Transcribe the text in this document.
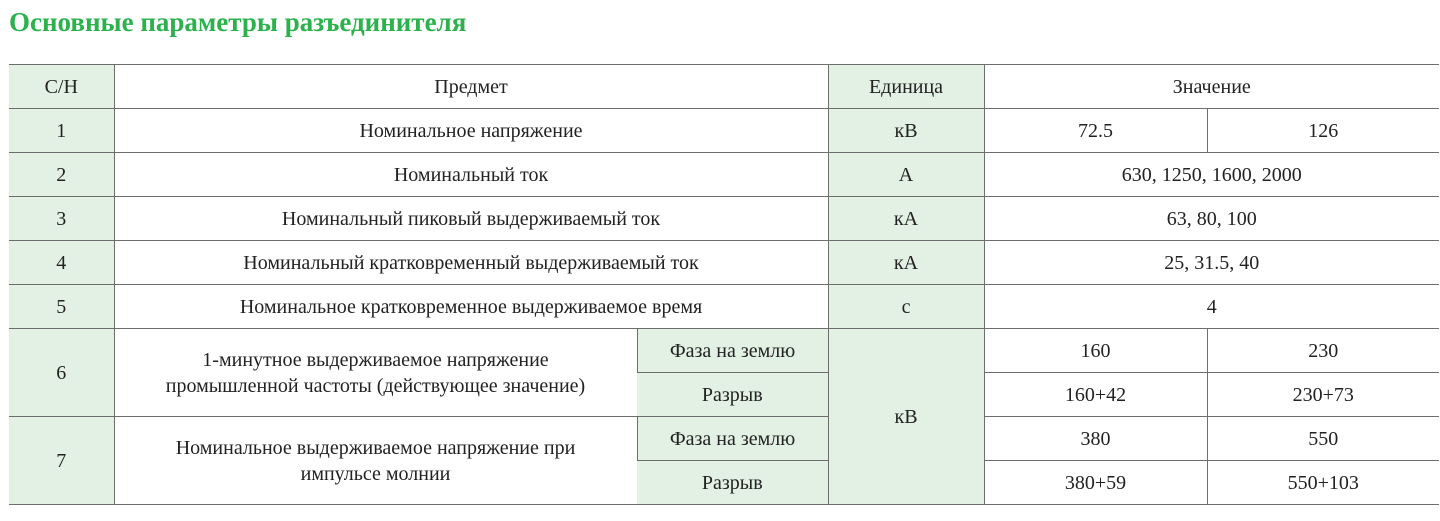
Основные параметры разъединителя
С/Н	Предмет		Единица	Значение	
1	Номинальное напряжение		кВ	72.5	126
2	Номинальный ток		A	630, 1250, 1600, 2000	
3	Номинальный пиковый выдерживаемый ток		кА	63, 80, 100	
4	Номинальный кратковременный выдерживаемый ток		кА	25, 31.5, 40	
5	Номинальное кратковременное выдерживаемое время		с	4	
6	1-минутное выдерживаемое напряжение
промышленной частоты (действующее значение)	Фаза на землю	кВ	160	230
		Разрыв		160+42	230+73
7	Номинальное выдерживаемое напряжение при
импульсе молнии	Фаза на землю		380	550
		Разрыв		380+59	550+103
